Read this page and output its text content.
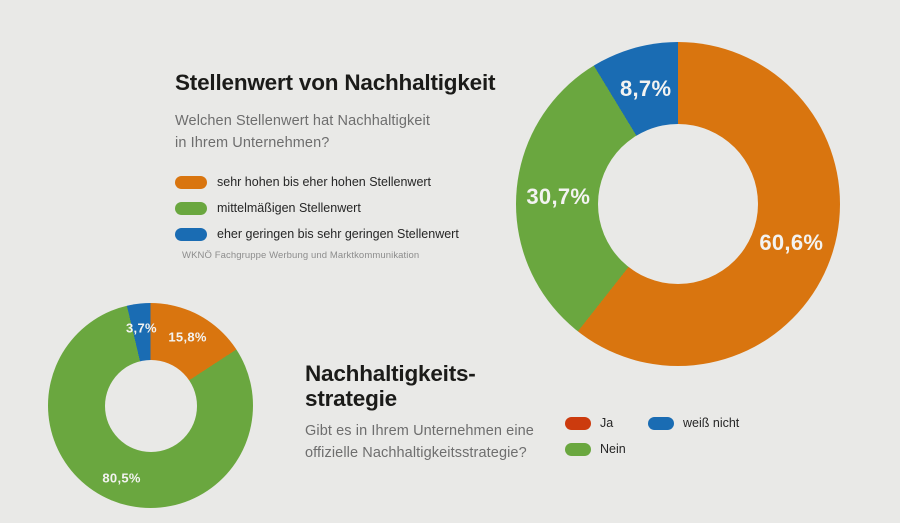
Stellenwert von Nachhaltigkeit

Welchen Stellenwert hat Nachhaltigkeit
in Ihrem Unternehmen?

sehr hohen bis eher hohen Stellenwert
mittelmäßigen Stellenwert
eher geringen bis sehr geringen Stellenwert
WKNÖ Fachgruppe Werbung und Marktkommunikation
60,6%
30,7%
8,7%
Nachhaltigkeits-
strategie

Gibt es in Ihrem Unternehmen eine
offizielle Nachhaltigkeitsstrategie?

Ja
Nein
weiß nicht
15,8%
80,5%
3,7%
